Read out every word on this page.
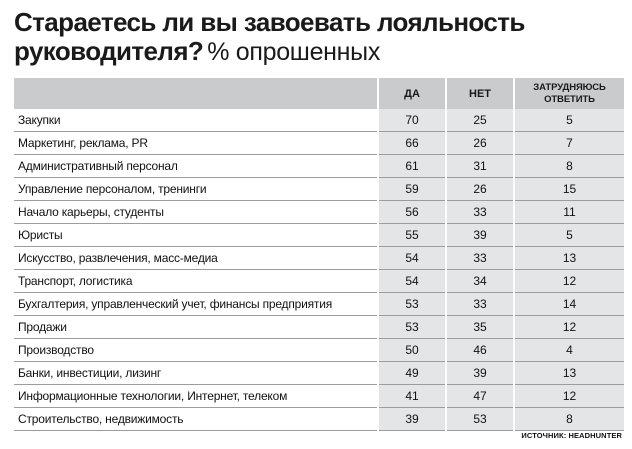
Стараетесь ли вы завоевать лояльность
руководителя? % опрошенных
	ДА	НЕТ	ЗАТРУДНЯЮСЬ ОТВЕТИТЬ
Закупки	70	25	5
Маркетинг, реклама, PR	66	26	7
Административный персонал	61	31	8
Управление персоналом, тренинги	59	26	15
Начало карьеры, студенты	56	33	11
Юристы	55	39	5
Искусство, развлечения, масс-медиа	54	33	13
Транспорт, логистика	54	34	12
Бухгалтерия, управленческий учет, финансы предприятия	53	33	14
Продажи	53	35	12
Производство	50	46	4
Банки, инвестиции, лизинг	49	39	13
Информационные технологии, Интернет, телеком	41	47	12
Строительство, недвижимость	39	53	8
ИСТОЧНИК: HEADHUNTER
